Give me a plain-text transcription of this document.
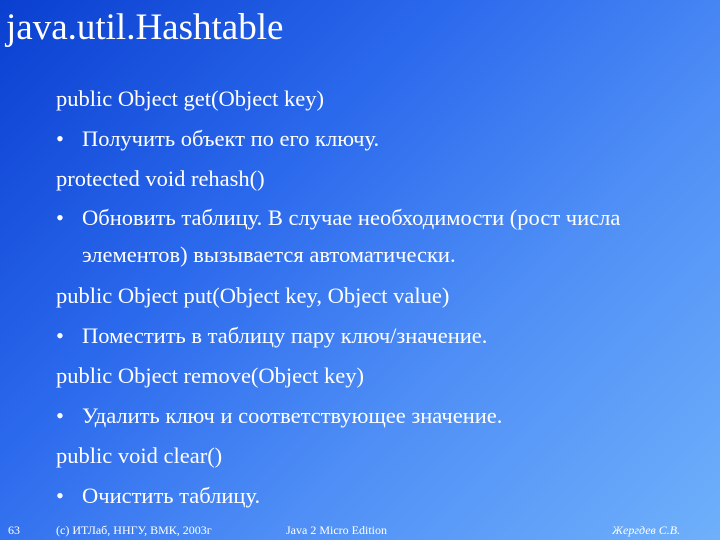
java.util.Hashtable
public Object get(Object key)
• Получить объект по его ключу.
protected void rehash()
• Обновить таблицу. В случае необходимости (рост числа элементов) вызывается автоматически.
public Object put(Object key, Object value)
• Поместить в таблицу пару ключ/значение.
public Object remove(Object key)
• Удалить ключ и соответствующее значение.
public void clear()
• Очистить таблицу.
63	(с) ИТЛаб, ННГУ, ВМК, 2003г	Java 2 Micro Edition	Жергдев С.В.
